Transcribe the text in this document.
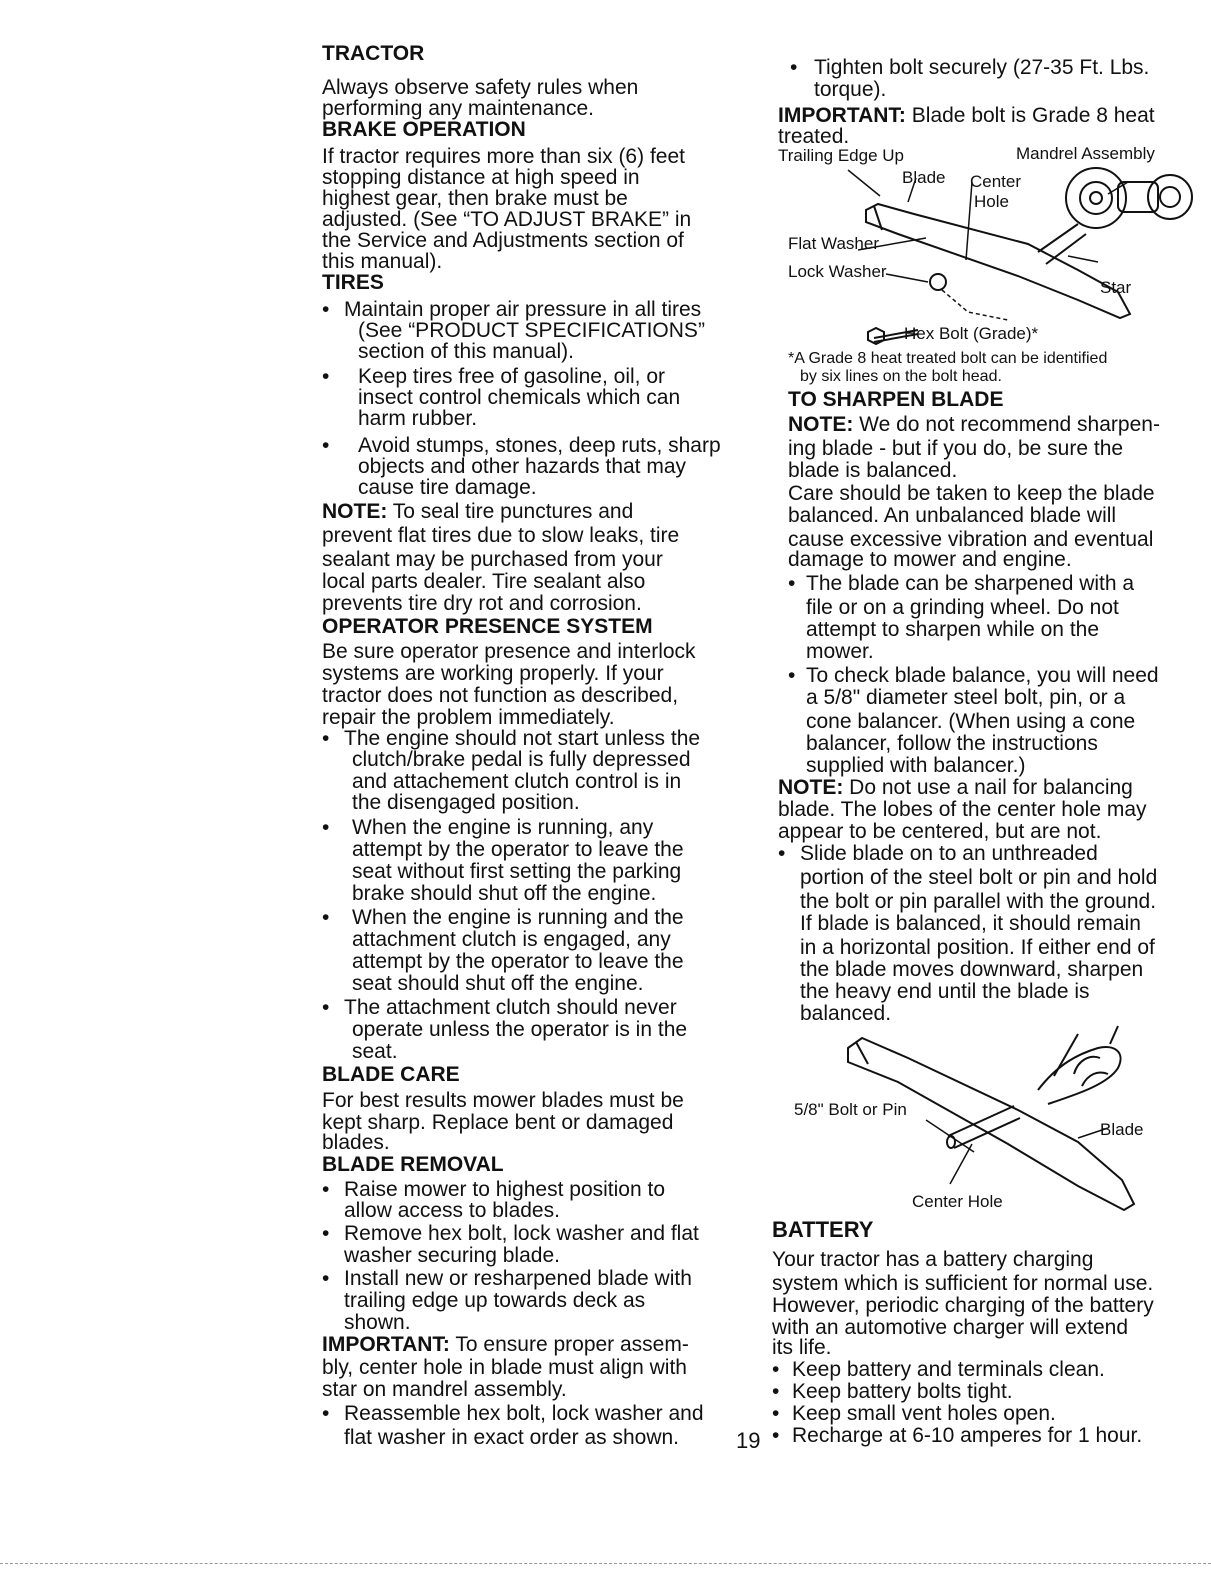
TRACTOR
Always observe safety rules when
performing any maintenance.
BRAKE OPERATION
If tractor requires more than six (6) feet
stopping distance at high speed in
highest gear, then brake must be
adjusted. (See “TO ADJUST BRAKE” in
the Service and Adjustments section of
this manual).
TIRES
• Maintain proper air pressure in all tires
(See “PRODUCT SPECIFICATIONS”
section of this manual).
• Keep tires free of gasoline, oil, or
insect control chemicals which can
harm rubber.
• Avoid stumps, stones, deep ruts, sharp
objects and other hazards that may
cause tire damage.
NOTE: To seal tire punctures and
prevent flat tires due to slow leaks, tire
sealant may be purchased from your
local parts dealer. Tire sealant also
prevents tire dry rot and corrosion.
OPERATOR PRESENCE SYSTEM
Be sure operator presence and interlock
systems are working properly. If your
tractor does not function as described,
repair the problem immediately.
• The engine should not start unless the
clutch/brake pedal is fully depressed
and attachement clutch control is in
the disengaged position.
• When the engine is running, any
attempt by the operator to leave the
seat without first setting the parking
brake should shut off the engine.
• When the engine is running and the
attachment clutch is engaged, any
attempt by the operator to leave the
seat should shut off the engine.
• The attachment clutch should never
operate unless the operator is in the
seat.
BLADE CARE
For best results mower blades must be
kept sharp. Replace bent or damaged
blades.
BLADE REMOVAL
• Raise mower to highest position to
allow access to blades.
• Remove hex bolt, lock washer and flat
washer securing blade.
• Install new or resharpened blade with
trailing edge up towards deck as
shown.
IMPORTANT: To ensure proper assem-
bly, center hole in blade must align with
star on mandrel assembly.
• Reassemble hex bolt, lock washer and
flat washer in exact order as shown.	19
• Tighten bolt securely (27-35 Ft. Lbs.
torque).
IMPORTANT: Blade bolt is Grade 8 heat
treated.
Trailing Edge Up	Mandrel Assembly
Blade Center
Hole
Flat Washer
Lock Washer
Star
Hex Bolt (Grade)*
*A Grade 8 heat treated bolt can be identified
by six lines on the bolt head.
TO SHARPEN BLADE
NOTE: We do not recommend sharpen-
ing blade - but if you do, be sure the
blade is balanced.
Care should be taken to keep the blade
balanced. An unbalanced blade will
cause excessive vibration and eventual
damage to mower and engine.
• The blade can be sharpened with a
file or on a grinding wheel. Do not
attempt to sharpen while on the
mower.
• To check blade balance, you will need
a 5/8" diameter steel bolt, pin, or a
cone balancer. (When using a cone
balancer, follow the instructions
supplied with balancer.)
NOTE: Do not use a nail for balancing
blade. The lobes of the center hole may
appear to be centered, but are not.
• Slide blade on to an unthreaded
portion of the steel bolt or pin and hold
the bolt or pin parallel with the ground.
If blade is balanced, it should remain
in a horizontal position. If either end of
the blade moves downward, sharpen
the heavy end until the blade is
balanced.
5/8" Bolt or Pin
Blade
Center Hole
BATTERY
Your tractor has a battery charging
system which is sufficient for normal use.
However, periodic charging of the battery
with an automotive charger will extend
its life.
• Keep battery and terminals clean.
• Keep battery bolts tight.
• Keep small vent holes open.
• Recharge at 6-10 amperes for 1 hour.
